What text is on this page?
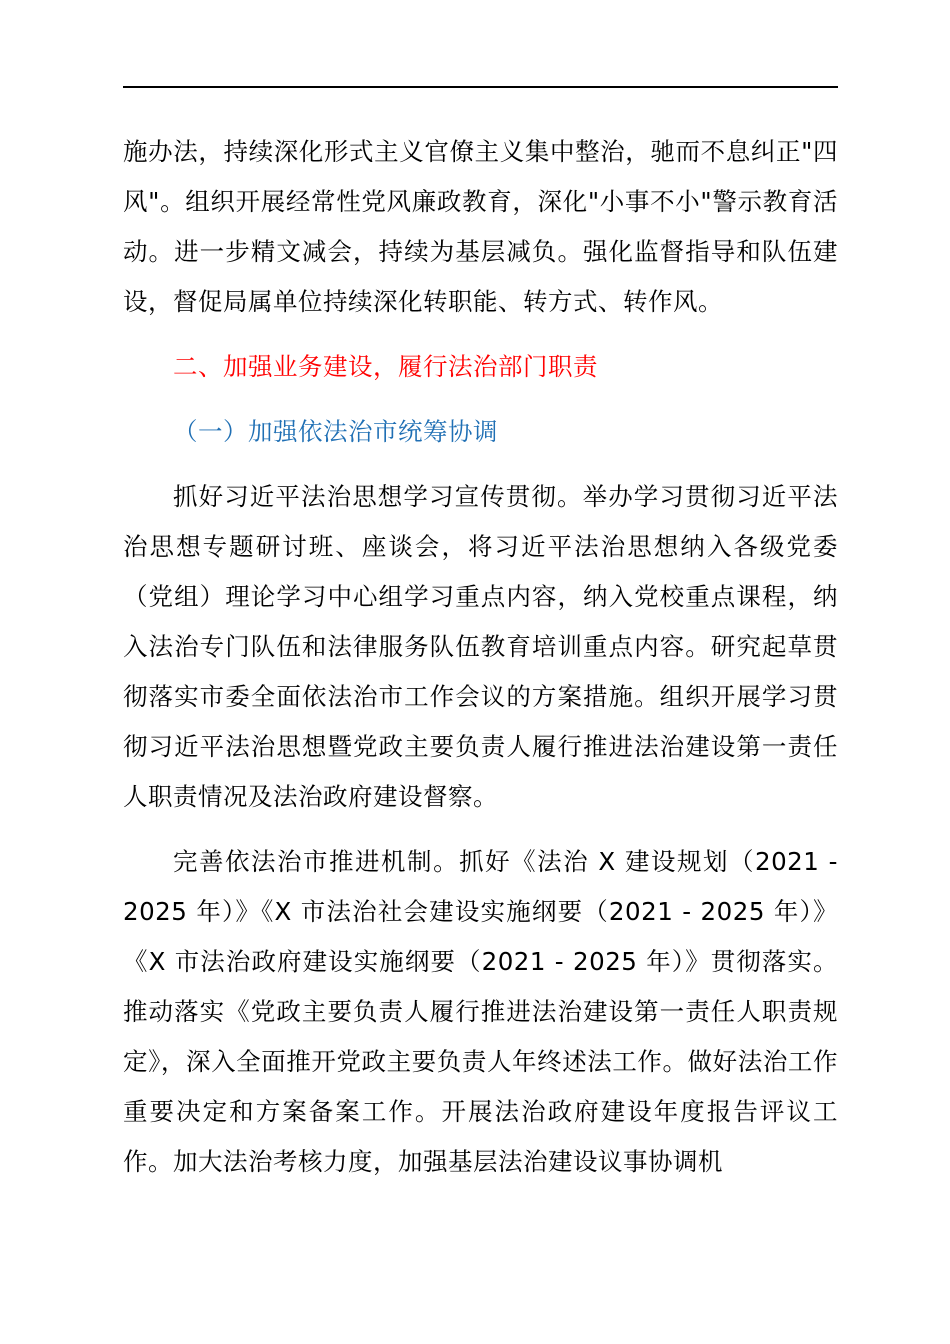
施办法，持续深化形式主义官僚主义集中整治，驰而不息纠正"四风"。组织开展经常性党风廉政教育，深化"小事不小"警示教育活动。进一步精文减会，持续为基层减负。强化监督指导和队伍建设，督促局属单位持续深化转职能、转方式、转作风。

二、加强业务建设，履行法治部门职责
（一）加强依法治市统筹协调

抓好习近平法治思想学习宣传贯彻。举办学习贯彻习近平法治思想专题研讨班、座谈会，将习近平法治思想纳入各级党委（党组）理论学习中心组学习重点内容，纳入党校重点课程，纳入法治专门队伍和法律服务队伍教育培训重点内容。研究起草贯彻落实市委全面依法治市工作会议的方案措施。组织开展学习贯彻习近平法治思想暨党政主要负责人履行推进法治建设第一责任人职责情况及法治政府建设督察。

完善依法治市推进机制。抓好《法治 X 建设规划（2021 - 2025 年）》《X 市法治社会建设实施纲要（2021 - 2025 年）》《X 市法治政府建设实施纲要（2021 - 2025 年）》贯彻落实。推动落实《党政主要负责人履行推进法治建设第一责任人职责规定》，深入全面推开党政主要负责人年终述法工作。做好法治工作重要决定和方案备案工作。开展法治政府建设年度报告评议工作。加大法治考核力度，加强基层法治建设议事协调机
